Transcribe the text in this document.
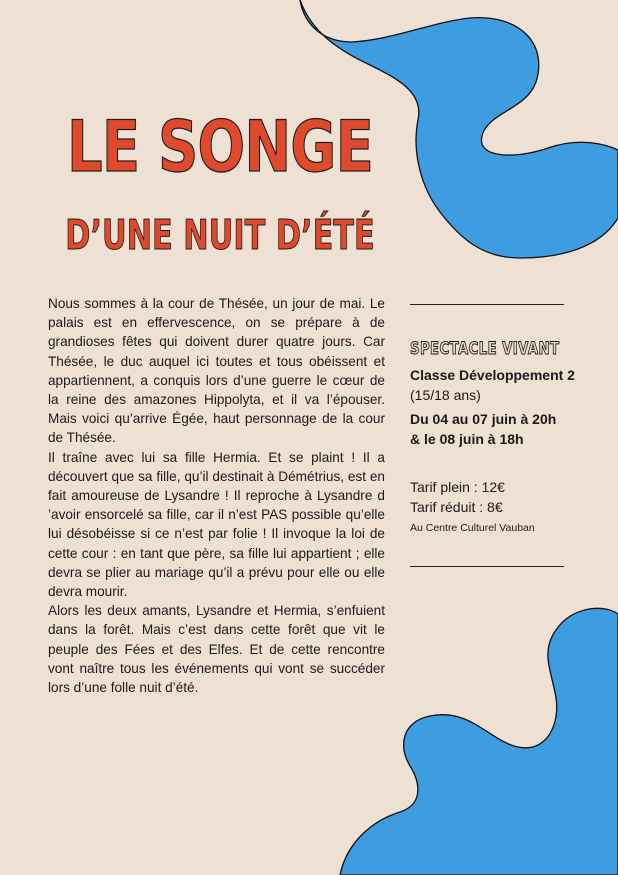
LE SONGE
D’UNE NUIT D’ÉTÉ

Nous sommes à la cour de Thésée, un jour de mai. Le palais est en effervescence, on se prépare à de grandioses fêtes qui doivent durer quatre jours. Car Thésée, le duc auquel ici toutes et tous obéissent et appartiennent, a conquis lors d’une guerre le cœur de la reine des amazones Hippolyta, et il va l’épouser. Mais voici qu’arrive Égée, haut personnage de la cour de Thésée.

Il traîne avec lui sa fille Hermia. Et se plaint ! Il a découvert que sa fille, qu’il destinait à Démétrius, est en fait amoureuse de Lysandre ! Il reproche à Lysandre d ’avoir ensorcelé sa fille, car il n’est PAS possible qu’elle lui désobéisse si ce n’est par folie ! Il invoque la loi de cette cour : en tant que père, sa fille lui appartient ; elle devra se plier au mariage qu’il a prévu pour elle ou elle devra mourir.

Alors les deux amants, Lysandre et Hermia, s’enfuient dans la forêt. Mais c’est dans cette forêt que vit le peuple des Fées et des Elfes. Et de cette rencontre vont naître tous les événements qui vont se succéder lors d’une folle nuit d’été.

SPECTACLE VIVANT
Classe Développement 2
(15/18 ans)
Du 04 au 07 juin à 20h
& le 08 juin à 18h
Tarif plein : 12€
Tarif réduit : 8€
Au Centre Culturel Vauban
